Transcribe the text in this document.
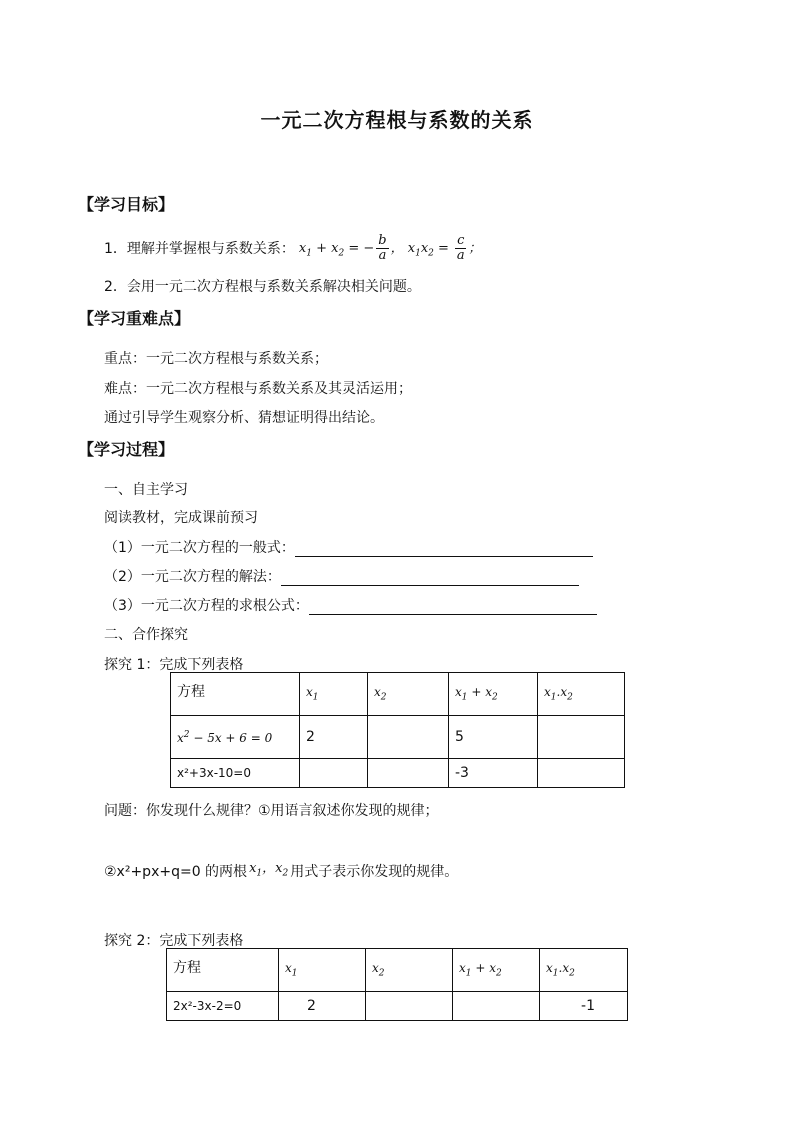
一元二次方程根与系数的关系
【学习目标】
1．理解并掌握根与系数关系： $x_1 + x_2$ = − $\frac{b}{a}$ ， $x_1x_2 = \frac{c}{a}$ ；
2．会用一元二次方程根与系数关系解决相关问题。
【学习重难点】
重点：一元二次方程根与系数关系；
难点：一元二次方程根与系数关系及其灵活运用；
通过引导学生观察分析、猜想证明得出结论。
【学习过程】
一、自主学习
阅读教材，完成课前预习
（1）一元二次方程的一般式：
（2）一元二次方程的解法：
（3）一元二次方程的求根公式：
二、合作探究
探究 1：完成下列表格
方程	$x_1$	$x_2$	$x_1 + x_2$	$x_1.x_2$
$x^2 - 5x + 6 = 0$	2		5	
x²+3x-10=0			-3	
问题：你发现什么规律？①用语言叙述你发现的规律；
②x²+px+q=0 的两根 $x_1$，$x_2$ 用式子表示你发现的规律。
探究 2：完成下列表格
方程	$x_1$	$x_2$	$x_1 + x_2$	$x_1.x_2$
2x²-3x-2=0	2			-1
